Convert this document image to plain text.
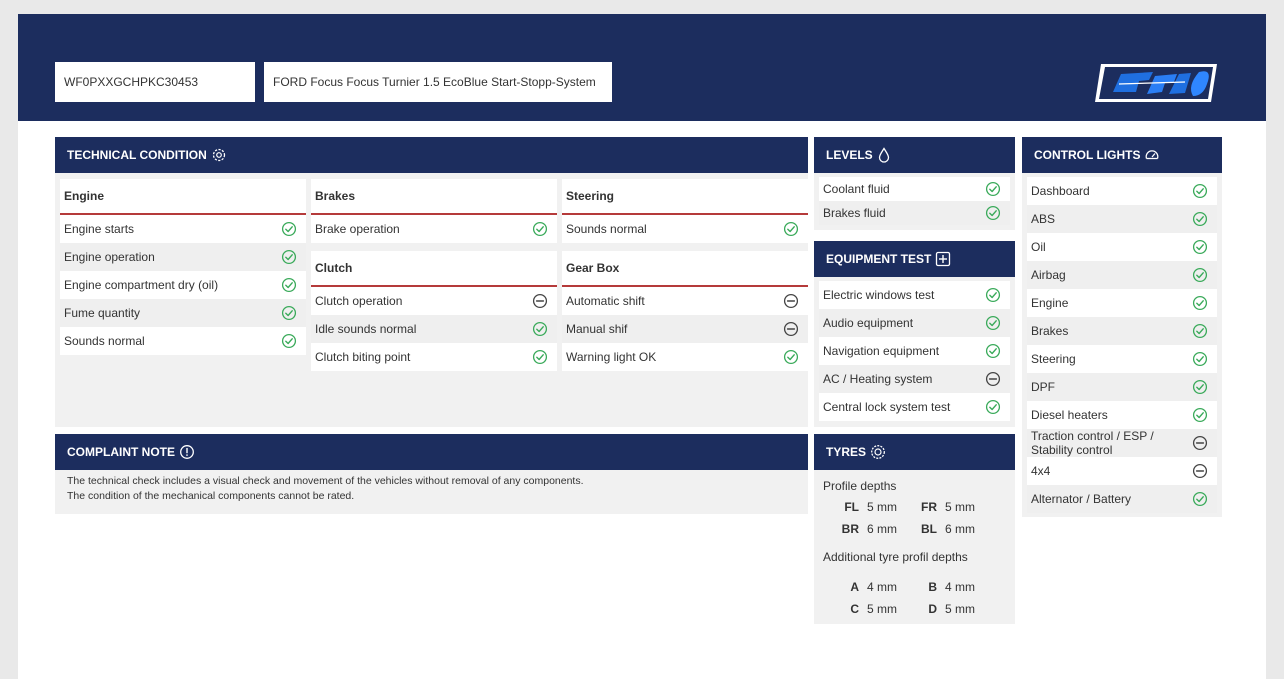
WF0PXXGCHPKC30453	FORD Focus Focus Turnier 1.5 EcoBlue Start-Stopp-System
TECHNICAL CONDITION
Engine
Engine starts
Engine operation
Engine compartment dry (oil)
Fume quantity
Sounds normal
Brakes
Brake operation
Clutch
Clutch operation
Idle sounds normal
Clutch biting point
Steering
Sounds normal
Gear Box
Automatic shift
Manual shif
Warning light OK
COMPLAINT NOTE
The technical check includes a visual check and movement of the vehicles without removal of any components.
The condition of the mechanical components cannot be rated.
LEVELS
Coolant fluid
Brakes fluid
EQUIPMENT TEST
Electric windows test
Audio equipment
Navigation equipment
AC / Heating system
Central lock system test
TYRES
Profile depths
FL 5 mm	FR 5 mm
BR 6 mm	BL 6 mm
Additional tyre profil depths
A 4 mm	B 4 mm
C 5 mm	D 5 mm
CONTROL LIGHTS
Dashboard
ABS
Oil
Airbag
Engine
Brakes
Steering
DPF
Diesel heaters
Traction control / ESP / Stability control
4x4
Alternator / Battery
